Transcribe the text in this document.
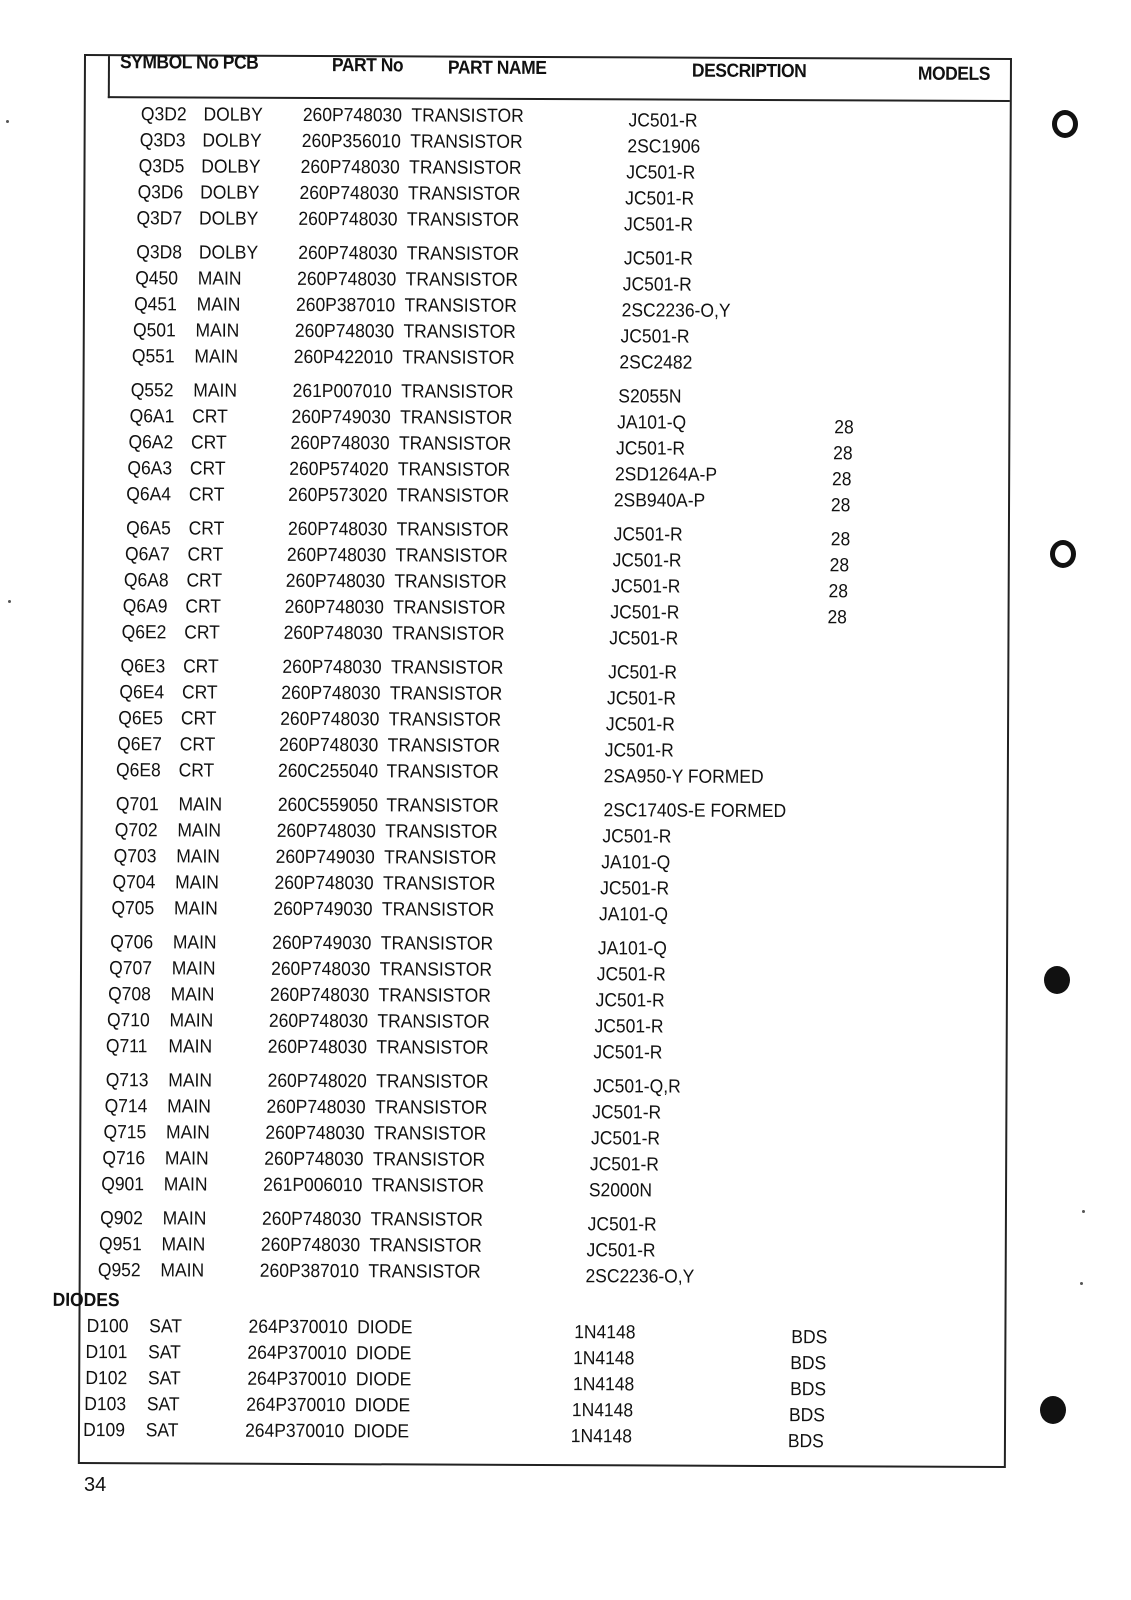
SYMBOL No PCB	PART No PART NAME	DESCRIPTION	MODELS
Q3D2 DOLBY 260P748030 TRANSISTOR	JC501-R
Q3D3 DOLBY 260P356010 TRANSISTOR	2SC1906
Q3D5 DOLBY 260P748030 TRANSISTOR	JC501-R
Q3D6 DOLBY 260P748030 TRANSISTOR	JC501-R
Q3D7 DOLBY 260P748030 TRANSISTOR	JC501-R
Q3D8 DOLBY 260P748030 TRANSISTOR	JC501-R
Q450 MAIN	260P748030 TRANSISTOR	JC501-R
Q451 MAIN	260P387010 TRANSISTOR	2SC2236-O,Y
Q501 MAIN	260P748030 TRANSISTOR	JC501-R
Q551 MAIN	260P422010 TRANSISTOR	2SC2482
Q552 MAIN	261P007010 TRANSISTOR	S2055N
Q6A1 CRT	260P749030 TRANSISTOR	JA101-Q	28
Q6A2 CRT	260P748030 TRANSISTOR	JC501-R	28
Q6A3 CRT	260P574020 TRANSISTOR	2SD1264A-P	28
Q6A4 CRT	260P573020 TRANSISTOR	2SB940A-P	28
Q6A5 CRT	260P748030 TRANSISTOR	JC501-R	28
Q6A7 CRT	260P748030 TRANSISTOR	JC501-R	28
Q6A8 CRT	260P748030 TRANSISTOR	JC501-R	28
Q6A9 CRT	260P748030 TRANSISTOR	JC501-R	28
Q6E2 CRT	260P748030 TRANSISTOR	JC501-R
Q6E3 CRT	260P748030 TRANSISTOR	JC501-R
Q6E4 CRT	260P748030 TRANSISTOR	JC501-R
Q6E5 CRT	260P748030 TRANSISTOR	JC501-R
Q6E7 CRT	260P748030 TRANSISTOR	JC501-R
Q6E8 CRT	260C255040 TRANSISTOR	2SA950-Y FORMED
Q701 MAIN	260C559050 TRANSISTOR	2SC1740S-E FORMED
Q702 MAIN	260P748030 TRANSISTOR	JC501-R
Q703 MAIN	260P749030 TRANSISTOR	JA101-Q
Q704 MAIN	260P748030 TRANSISTOR	JC501-R
Q705 MAIN	260P749030 TRANSISTOR	JA101-Q
Q706 MAIN	260P749030 TRANSISTOR	JA101-Q
Q707 MAIN	260P748030 TRANSISTOR	JC501-R
Q708 MAIN	260P748030 TRANSISTOR	JC501-R
Q710 MAIN	260P748030 TRANSISTOR	JC501-R
Q711 MAIN	260P748030 TRANSISTOR	JC501-R
Q713 MAIN	260P748020 TRANSISTOR	JC501-Q,R
Q714 MAIN	260P748030 TRANSISTOR	JC501-R
Q715 MAIN	260P748030 TRANSISTOR	JC501-R
Q716 MAIN	260P748030 TRANSISTOR	JC501-R
Q901 MAIN	261P006010 TRANSISTOR	S2000N
Q902 MAIN	260P748030 TRANSISTOR	JC501-R
Q951 MAIN	260P748030 TRANSISTOR	JC501-R
Q952 MAIN	260P387010 TRANSISTOR	2SC2236-O,Y
DIODES
D100 SAT	264P370010 DIODE	1N4148	BDS
D101 SAT	264P370010 DIODE	1N4148	BDS
D102 SAT	264P370010 DIODE	1N4148	BDS
D103 SAT	264P370010 DIODE	1N4148	BDS
D109 SAT	264P370010 DIODE	1N4148	BDS
34
